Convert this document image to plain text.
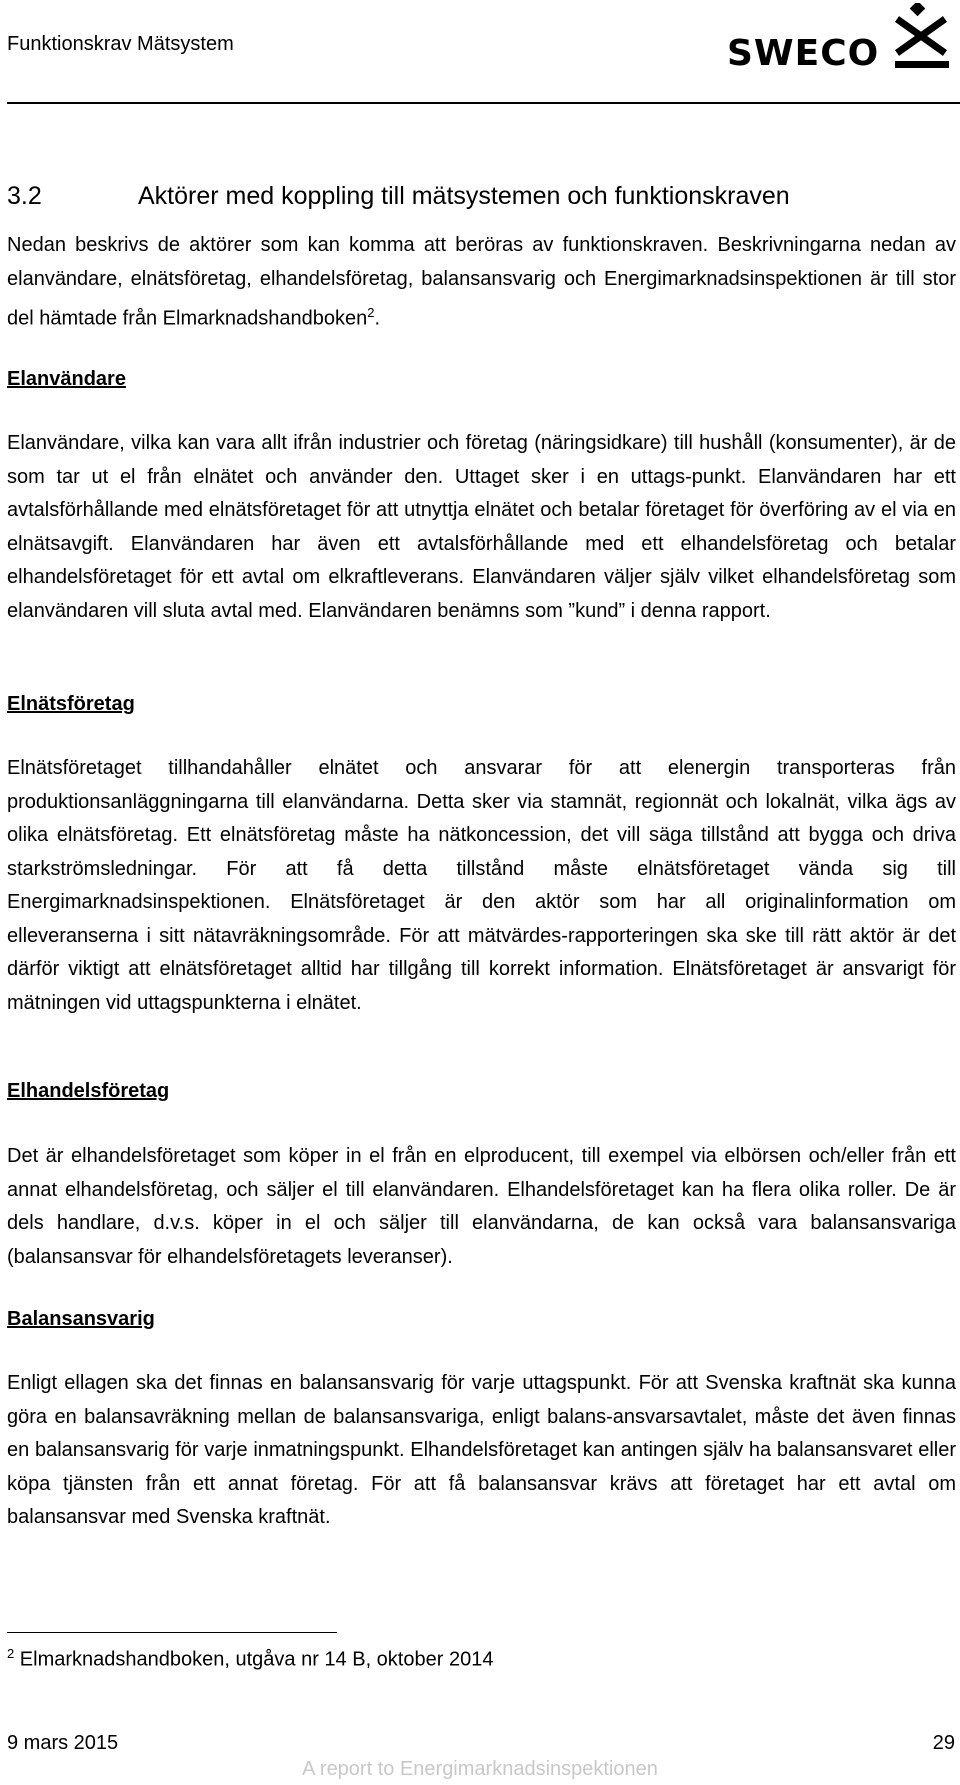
Funktionskrav Mätsystem	SWECO
3.2	Aktörer med koppling till mätsystemen och funktionskraven

Nedan beskrivs de aktörer som kan komma att beröras av funktionskraven. Beskrivningarna nedan av elanvändare, elnätsföretag, elhandelsföretag, balansansvarig och Energimarknadsinspektionen är till stor del hämtade från Elmarknadshandboken$^2$.

Elanvändare

Elanvändare, vilka kan vara allt ifrån industrier och företag (näringsidkare) till hushåll (konsumenter), är de som tar ut el från elnätet och använder den. Uttaget sker i en uttags-punkt. Elanvändaren har ett avtalsförhållande med elnätsföretaget för att utnyttja elnätet och betalar företaget för överföring av el via en elnätsavgift. Elanvändaren har även ett avtalsförhållande med ett elhandelsföretag och betalar elhandelsföretaget för ett avtal om elkraftleverans. Elanvändaren väljer själv vilket elhandelsföretag som elanvändaren vill sluta avtal med. Elanvändaren benämns som ”kund” i denna rapport.

Elnätsföretag

Elnätsföretaget tillhandahåller elnätet och ansvarar för att elenergin transporteras från produktionsanläggningarna till elanvändarna. Detta sker via stamnät, regionnät och lokalnät, vilka ägs av olika elnätsföretag. Ett elnätsföretag måste ha nätkoncession, det vill säga tillstånd att bygga och driva starkströmsledningar. För att få detta tillstånd måste elnätsföretaget vända sig till Energimarknadsinspektionen. Elnätsföretaget är den aktör som har all originalinformation om elleveranserna i sitt nätavräkningsområde. För att mätvärdes-rapporteringen ska ske till rätt aktör är det därför viktigt att elnätsföretaget alltid har tillgång till korrekt information. Elnätsföretaget är ansvarigt för mätningen vid uttagspunkterna i elnätet.

Elhandelsföretag

Det är elhandelsföretaget som köper in el från en elproducent, till exempel via elbörsen och/eller från ett annat elhandelsföretag, och säljer el till elanvändaren. Elhandelsföretaget kan ha flera olika roller. De är dels handlare, d.v.s. köper in el och säljer till elanvändarna, de kan också vara balansansvariga (balansansvar för elhandelsföretagets leveranser).

Balansansvarig

Enligt ellagen ska det finnas en balansansvarig för varje uttagspunkt. För att Svenska kraftnät ska kunna göra en balansavräkning mellan de balansansvariga, enligt balans-ansvarsavtalet, måste det även finnas en balansansvarig för varje inmatningspunkt. Elhandelsföretaget kan antingen själv ha balansansvaret eller köpa tjänsten från ett annat företag. För att få balansansvar krävs att företaget har ett avtal om balansansvar med Svenska kraftnät.

$^2$ Elmarknadshandboken, utgåva nr 14 B, oktober 2014
9 mars 2015	29
A report to Energimarknadsinspektionen
